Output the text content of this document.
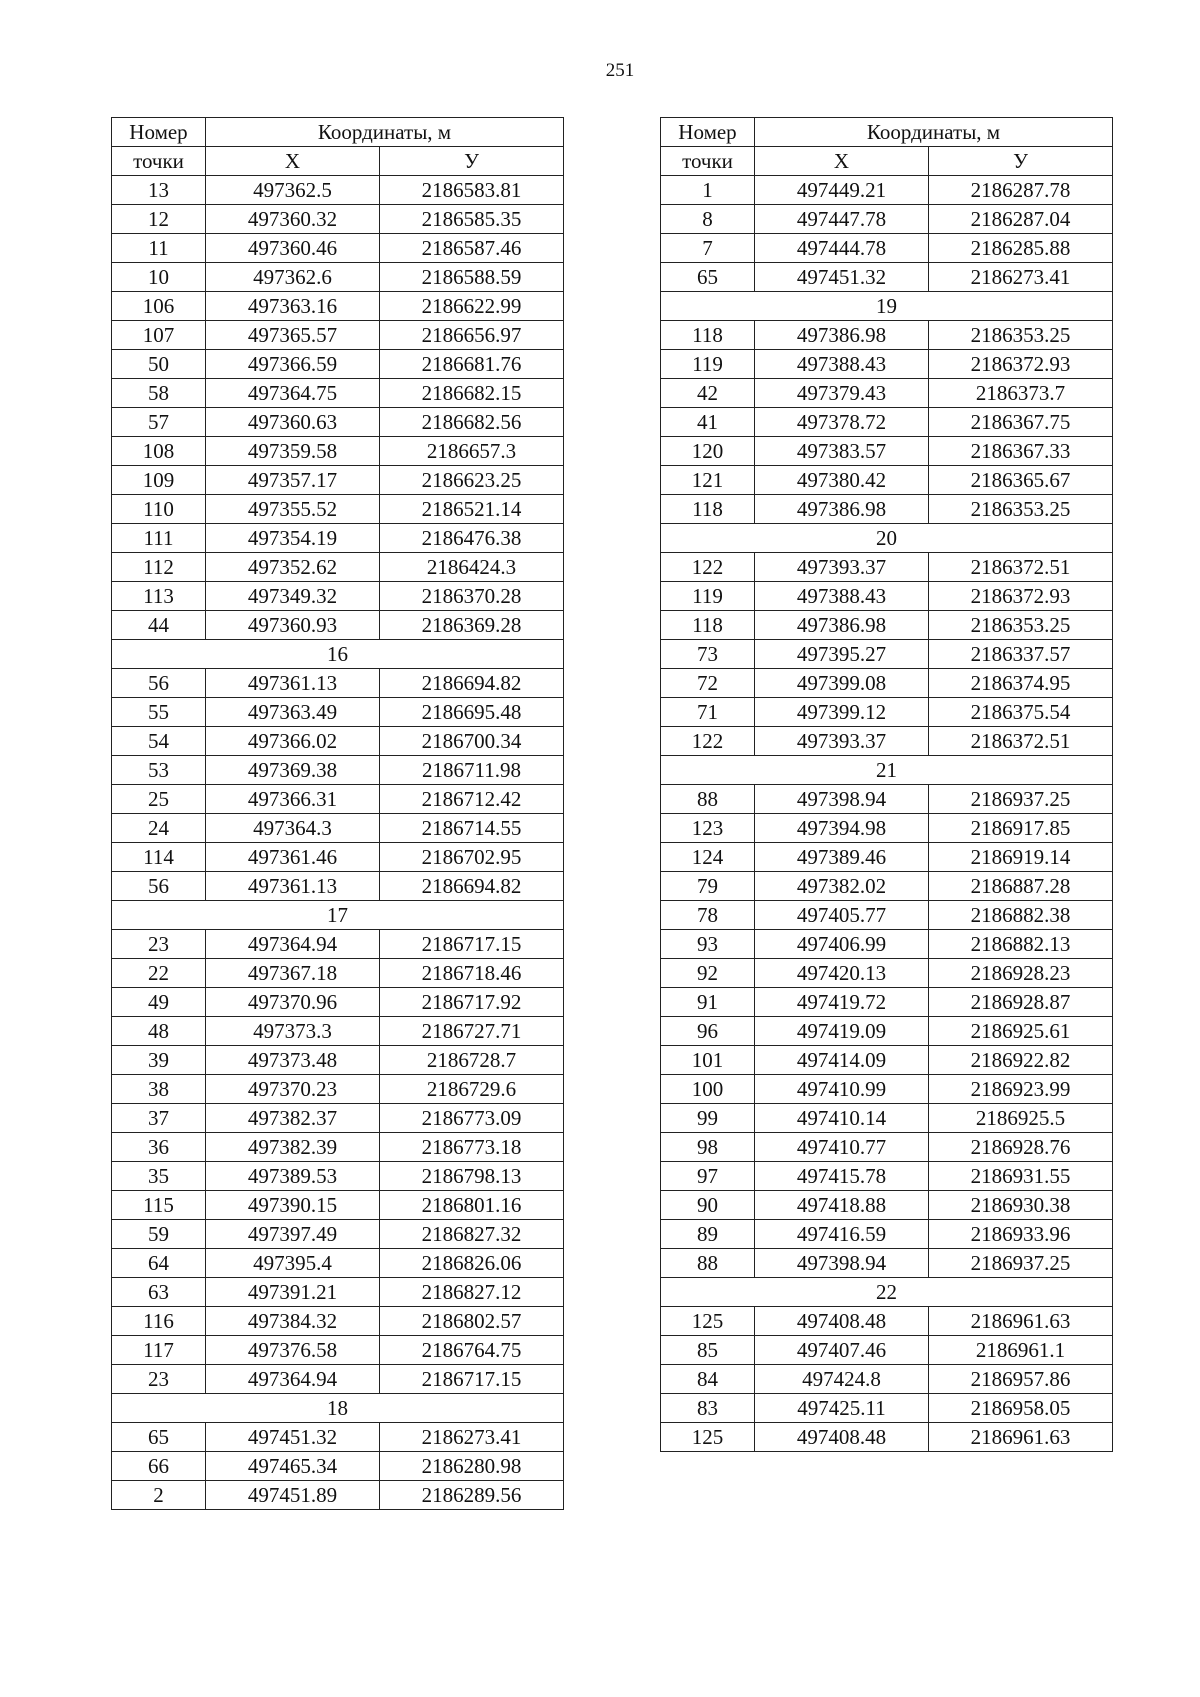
251
Номер	Координаты, м	
точки	X	У
13	497362.5	2186583.81
12	497360.32	2186585.35
11	497360.46	2186587.46
10	497362.6	2186588.59
106	497363.16	2186622.99
107	497365.57	2186656.97
50	497366.59	2186681.76
58	497364.75	2186682.15
57	497360.63	2186682.56
108	497359.58	2186657.3
109	497357.17	2186623.25
110	497355.52	2186521.14
111	497354.19	2186476.38
112	497352.62	2186424.3
113	497349.32	2186370.28
44	497360.93	2186369.28
16		
56	497361.13	2186694.82
55	497363.49	2186695.48
54	497366.02	2186700.34
53	497369.38	2186711.98
25	497366.31	2186712.42
24	497364.3	2186714.55
114	497361.46	2186702.95
56	497361.13	2186694.82
17		
23	497364.94	2186717.15
22	497367.18	2186718.46
49	497370.96	2186717.92
48	497373.3	2186727.71
39	497373.48	2186728.7
38	497370.23	2186729.6
37	497382.37	2186773.09
36	497382.39	2186773.18
35	497389.53	2186798.13
115	497390.15	2186801.16
59	497397.49	2186827.32
64	497395.4	2186826.06
63	497391.21	2186827.12
116	497384.32	2186802.57
117	497376.58	2186764.75
23	497364.94	2186717.15
18		
65	497451.32	2186273.41
66	497465.34	2186280.98
2	497451.89	2186289.56
Номер	Координаты, м	
точки	X	У
1	497449.21	2186287.78
8	497447.78	2186287.04
7	497444.78	2186285.88
65	497451.32	2186273.41
19		
118	497386.98	2186353.25
119	497388.43	2186372.93
42	497379.43	2186373.7
41	497378.72	2186367.75
120	497383.57	2186367.33
121	497380.42	2186365.67
118	497386.98	2186353.25
20		
122	497393.37	2186372.51
119	497388.43	2186372.93
118	497386.98	2186353.25
73	497395.27	2186337.57
72	497399.08	2186374.95
71	497399.12	2186375.54
122	497393.37	2186372.51
21		
88	497398.94	2186937.25
123	497394.98	2186917.85
124	497389.46	2186919.14
79	497382.02	2186887.28
78	497405.77	2186882.38
93	497406.99	2186882.13
92	497420.13	2186928.23
91	497419.72	2186928.87
96	497419.09	2186925.61
101	497414.09	2186922.82
100	497410.99	2186923.99
99	497410.14	2186925.5
98	497410.77	2186928.76
97	497415.78	2186931.55
90	497418.88	2186930.38
89	497416.59	2186933.96
88	497398.94	2186937.25
22		
125	497408.48	2186961.63
85	497407.46	2186961.1
84	497424.8	2186957.86
83	497425.11	2186958.05
125	497408.48	2186961.63
